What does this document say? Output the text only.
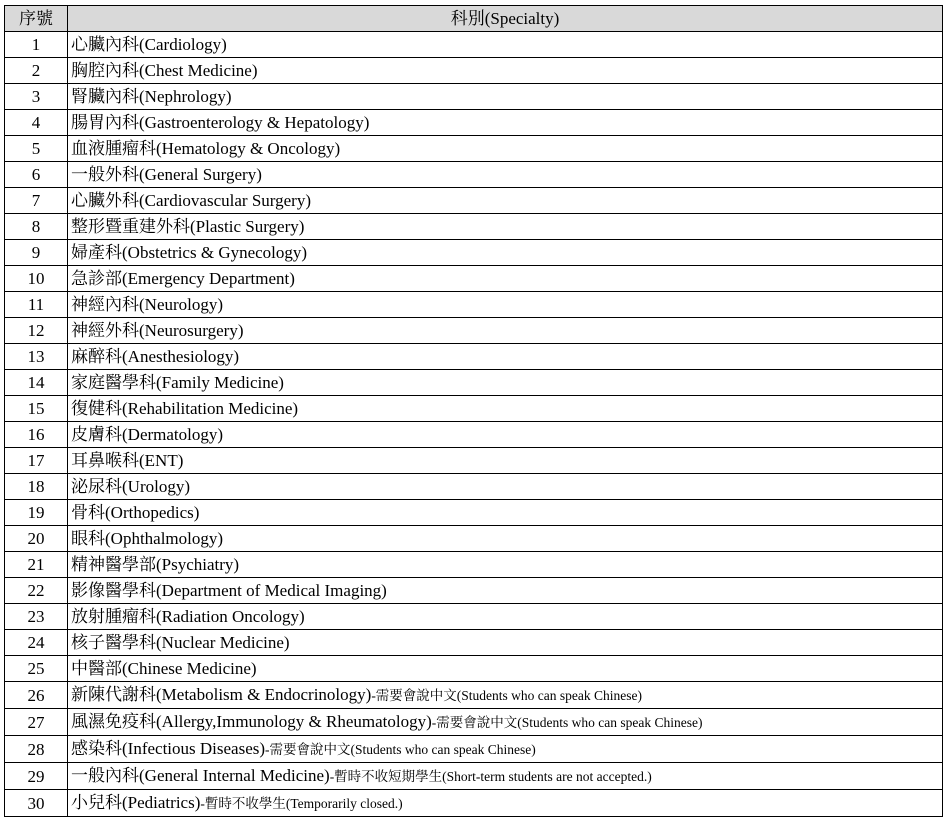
序號	科別(Specialty)
1	心臟內科(Cardiology)
2	胸腔內科(Chest Medicine)
3	腎臟內科(Nephrology)
4	腸胃內科(Gastroenterology & Hepatology)
5	血液腫瘤科(Hematology & Oncology)
6	一般外科(General Surgery)
7	心臟外科(Cardiovascular Surgery)
8	整形暨重建外科(Plastic Surgery)
9	婦產科(Obstetrics & Gynecology)
10	急診部(Emergency Department)
11	神經內科(Neurology)
12	神經外科(Neurosurgery)
13	麻醉科(Anesthesiology)
14	家庭醫學科(Family Medicine)
15	復健科(Rehabilitation Medicine)
16	皮膚科(Dermatology)
17	耳鼻喉科(ENT)
18	泌尿科(Urology)
19	骨科(Orthopedics)
20	眼科(Ophthalmology)
21	精神醫學部(Psychiatry)
22	影像醫學科(Department of Medical Imaging)
23	放射腫瘤科(Radiation Oncology)
24	核子醫學科(Nuclear Medicine)
25	中醫部(Chinese Medicine)
26	新陳代謝科(Metabolism & Endocrinology)-需要會說中文(Students who can speak Chinese)
27	風濕免疫科(Allergy,Immunology & Rheumatology)-需要會說中文(Students who can speak Chinese)
28	感染科(Infectious Diseases)-需要會說中文(Students who can speak Chinese)
29	一般內科(General Internal Medicine)-暫時不收短期學生(Short-term students are not accepted.)
30	小兒科(Pediatrics)-暫時不收學生(Temporarily closed.)
